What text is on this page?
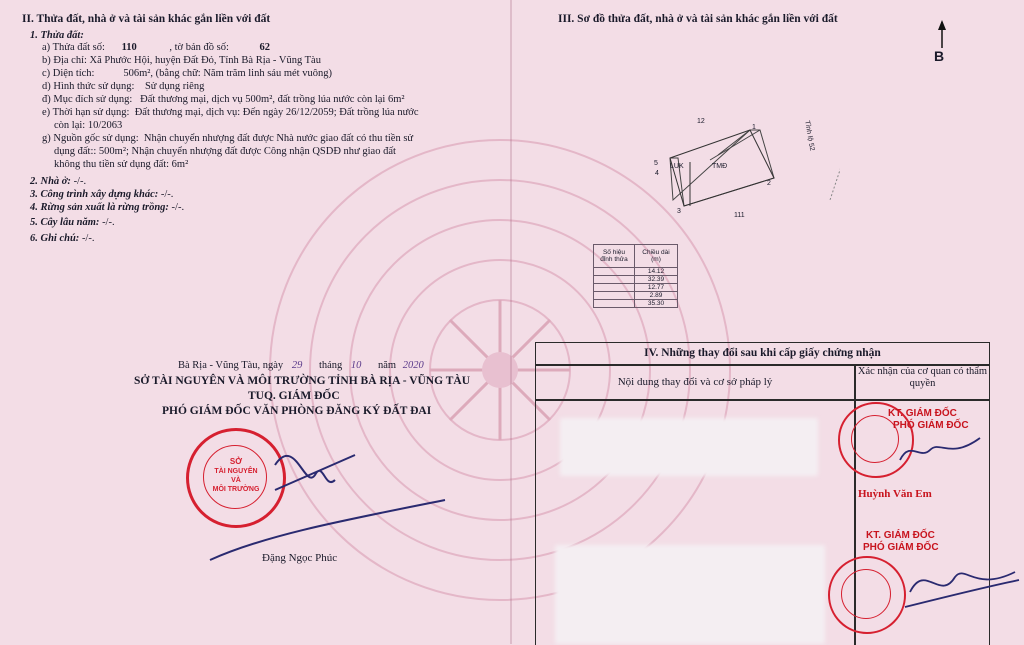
II. Thửa đất, nhà ở và tài sản khác gắn liền với đất
1. Thửa đất:
a) Thửa đất số: 110	, tờ bản đồ số:	62
b) Địa chỉ: Xã Phước Hội, huyện Đất Đỏ, Tỉnh Bà Rịa - Vũng Tàu
c) Diện tích:           506m², (bằng chữ: Năm trăm linh sáu mét vuông)
d) Hình thức sử dụng:    Sử dụng riêng
đ) Mục đích sử dụng:   Đất thương mại, dịch vụ 500m², đất trồng lúa nước còn lại 6m²
e) Thời hạn sử dụng:  Đất thương mại, dịch vụ: Đến ngày 26/12/2059; Đất trồng lúa nước
còn lại: 10/2063
g) Nguồn gốc sử dụng:  Nhận chuyển nhượng đất được Nhà nước giao đất có thu tiền sử
dụng đất:: 500m²; Nhận chuyển nhượng đất được Công nhận QSDĐ như giao đất
không thu tiền sử dụng đất: 6m²
2. Nhà ở: -/-.
3. Công trình xây dựng khác: -/-.
4. Rừng sản xuất là rừng trồng: -/-.
5. Cây lâu năm: -/-.
6. Ghi chú: -/-.
Bà Rịa - Vũng Tàu, ngày 29 tháng 10 năm 2020
SỞ TÀI NGUYÊN VÀ MÔI TRƯỜNG TỈNH BÀ RỊA - VŨNG TÀU
TUQ. GIÁM ĐỐC
PHÓ GIÁM ĐỐC VĂN PHÒNG ĐĂNG KÝ ĐẤT ĐAI
SỞ
TÀI NGUYÊN
VÀ
MÔI TRƯỜNG
Đặng Ngọc Phúc
III. Sơ đồ thửa đất, nhà ở và tài sản khác gắn liền với đất
B
12
1
5
4
LUK	TMĐ
2
3
111
Tỉnh lộ 52
Số hiệu đỉnh thửa	Chiều dài (m)
	14.12
	32.39
	12.77
	2.89
	35.30
IV. Những thay đổi sau khi cấp giấy chứng nhận
Nội dung thay đổi và cơ sở pháp lý
Xác nhận của cơ quan có thẩm quyền
KT. GIÁM ĐỐC
PHÓ GIÁM ĐỐC
Huỳnh Văn Em
KT. GIÁM ĐỐC
PHÓ GIÁM ĐỐC
